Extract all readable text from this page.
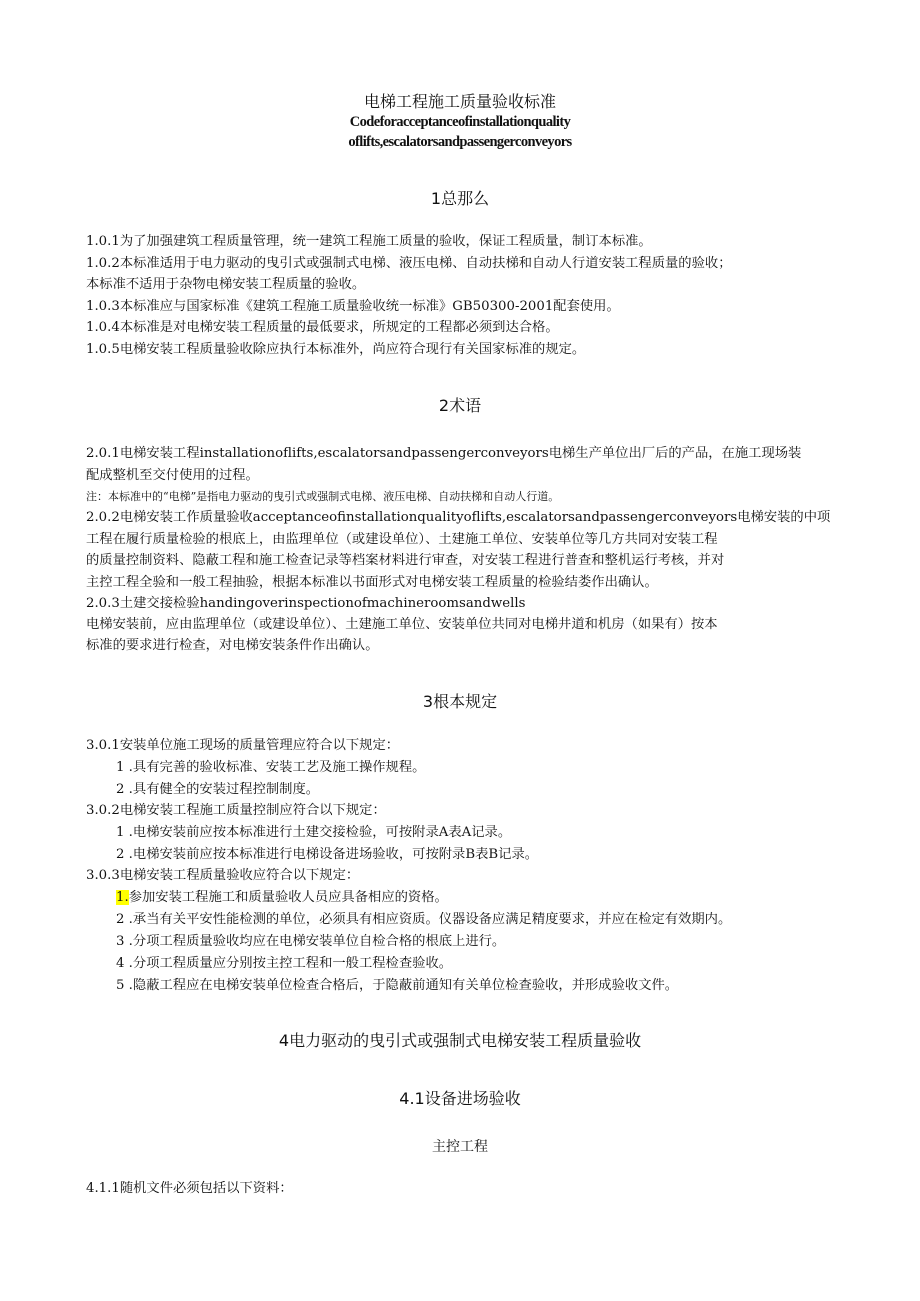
电梯工程施工质量验收标准
Codeforacceptanceofinstallationquality
oflifts,escalatorsandpassengerconveyors
1总那么
1.0.1为了加强建筑工程质量管理，统一建筑工程施工质量的验收，保证工程质量，制订本标准。
1.0.2本标准适用于电力驱动的曳引式或强制式电梯、液压电梯、自动扶梯和自动人行道安装工程质量的验收；
本标准不适用于杂物电梯安装工程质量的验收。
1.0.3本标准应与国家标准《建筑工程施工质量验收统一标准》GB50300-2001配套使用。
1.0.4本标准是对电梯安装工程质量的最低要求，所规定的工程都必须到达合格。
1.0.5电梯安装工程质量验收除应执行本标准外，尚应符合现行有关国家标准的规定。
2术语
2.0.1电梯安装工程installationoflifts,escalatorsandpassengerconveyors电梯生产单位出厂后的产品，在施工现场装
配成整机至交付使用的过程。
注：本标准中的“电梯”是指电力驱动的曳引式或强制式电梯、液压电梯、自动扶梯和自动人行道。
2.0.2电梯安装工作质量验收acceptanceofinstallationqualityoflifts,escalatorsandpassengerconveyors电梯安装的中项
工程在履行质量检验的根底上，由监理单位（或建设单位）、土建施工单位、安装单位等几方共同对安装工程
的质量控制资料、隐蔽工程和施工检查记录等档案材料进行审查，对安装工程进行普查和整机运行考核，并对
主控工程全验和一般工程抽验，根据本标准以书面形式对电梯安装工程质量的检验结娄作出确认。
2.0.3土建交接检验handingoverinspectionofmachineroomsandwells
电梯安装前，应由监理单位（或建设单位）、土建施工单位、安装单位共同对电梯井道和机房（如果有）按本
标准的要求进行检查，对电梯安装条件作出确认。
3根本规定
3.0.1安装单位施工现场的质量管理应符合以下规定：
1 .具有完善的验收标准、安装工艺及施工操作规程。
2 .具有健全的安装过程控制制度。
3.0.2电梯安装工程施工质量控制应符合以下规定：
1 .电梯安装前应按本标准进行土建交接检验，可按附录A表A记录。
2 .电梯安装前应按本标准进行电梯设备进场验收，可按附录B表B记录。
3.0.3电梯安装工程质量验收应符合以下规定：
1.参加安装工程施工和质量验收人员应具备相应的资格。
2 .承当有关平安性能检测的单位，必须具有相应资质。仪器设备应满足精度要求，并应在检定有效期内。
3 .分项工程质量验收均应在电梯安装单位自检合格的根底上进行。
4 .分项工程质量应分别按主控工程和一般工程检查验收。
5 .隐蔽工程应在电梯安装单位检查合格后，于隐蔽前通知有关单位检查验收，并形成验收文件。
4电力驱动的曳引式或强制式电梯安装工程质量验收
4.1设备进场验收
主控工程
4.1.1随机文件必须包括以下资料：
